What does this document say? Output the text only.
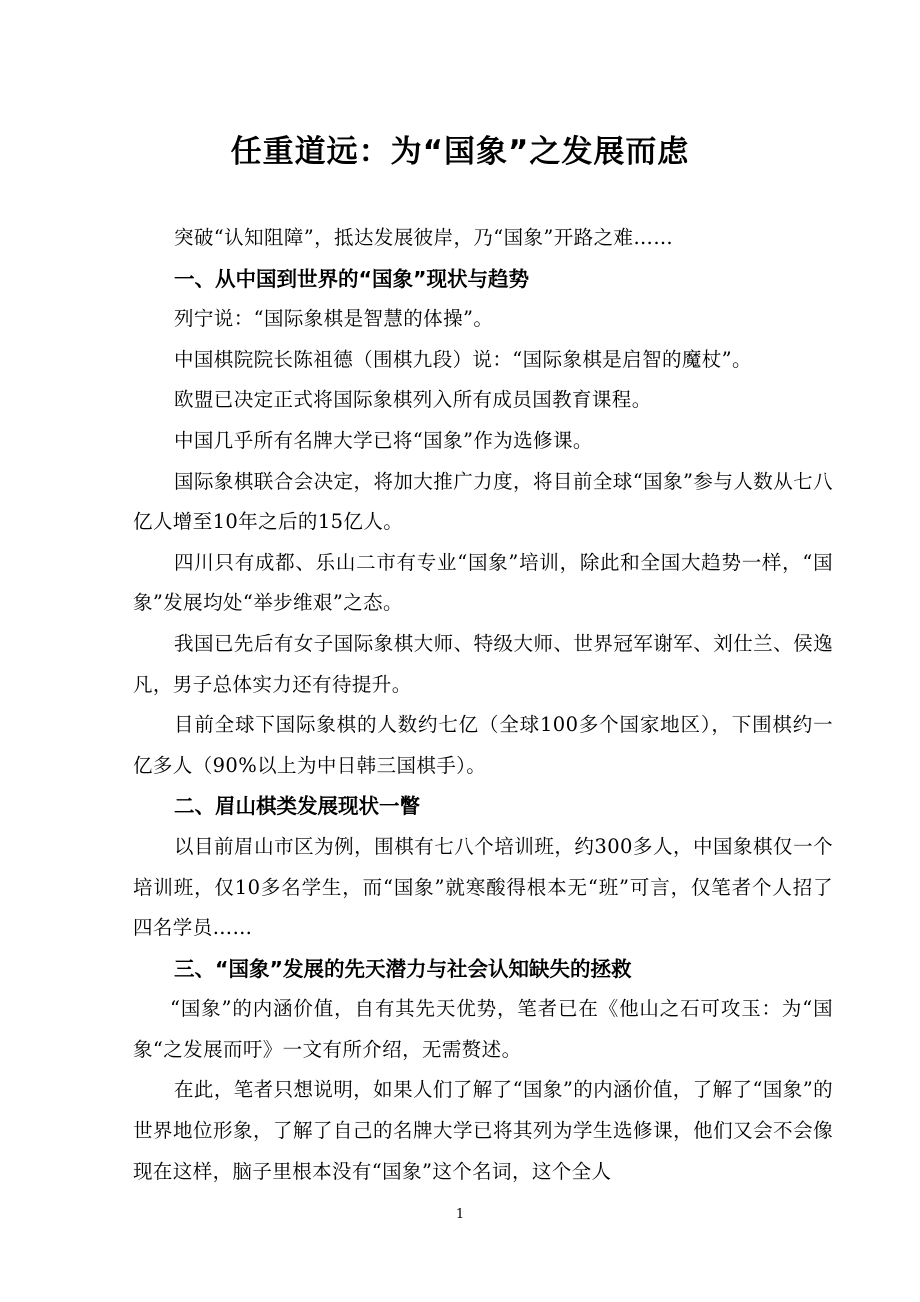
任重道远：为“国象”之发展而虑

突破“认知阻障”，抵达发展彼岸，乃“国象”开路之难……

一、从中国到世界的“国象”现状与趋势

列宁说：“国际象棋是智慧的体操”。

中国棋院院长陈祖德（围棋九段）说：“国际象棋是启智的魔杖”。

欧盟已决定正式将国际象棋列入所有成员国教育课程。

中国几乎所有名牌大学已将“国象”作为选修课。

国际象棋联合会决定，将加大推广力度，将目前全球“国象”参与人数从七八亿人增至10年之后的15亿人。

四川只有成都、乐山二市有专业“国象”培训，除此和全国大趋势一样，“国象”发展均处“举步维艰”之态。

我国已先后有女子国际象棋大师、特级大师、世界冠军谢军、刘仕兰、侯逸凡，男子总体实力还有待提升。

目前全球下国际象棋的人数约七亿（全球100多个国家地区），下围棋约一亿多人（90%以上为中日韩三国棋手）。

二、眉山棋类发展现状一瞥

以目前眉山市区为例，围棋有七八个培训班，约300多人，中国象棋仅一个培训班，仅10多名学生，而“国象”就寒酸得根本无“班”可言，仅笔者个人招了四名学员……

三、“国象”发展的先天潜力与社会认知缺失的拯救

“国象”的内涵价值，自有其先天优势，笔者已在《他山之石可攻玉：为“国象“之发展而吁》一文有所介绍，无需赘述。

在此，笔者只想说明，如果人们了解了“国象”的内涵价值，了解了“国象”的世界地位形象，了解了自己的名牌大学已将其列为学生选修课，他们又会不会像现在这样，脑子里根本没有“国象”这个名词，这个全人

1
